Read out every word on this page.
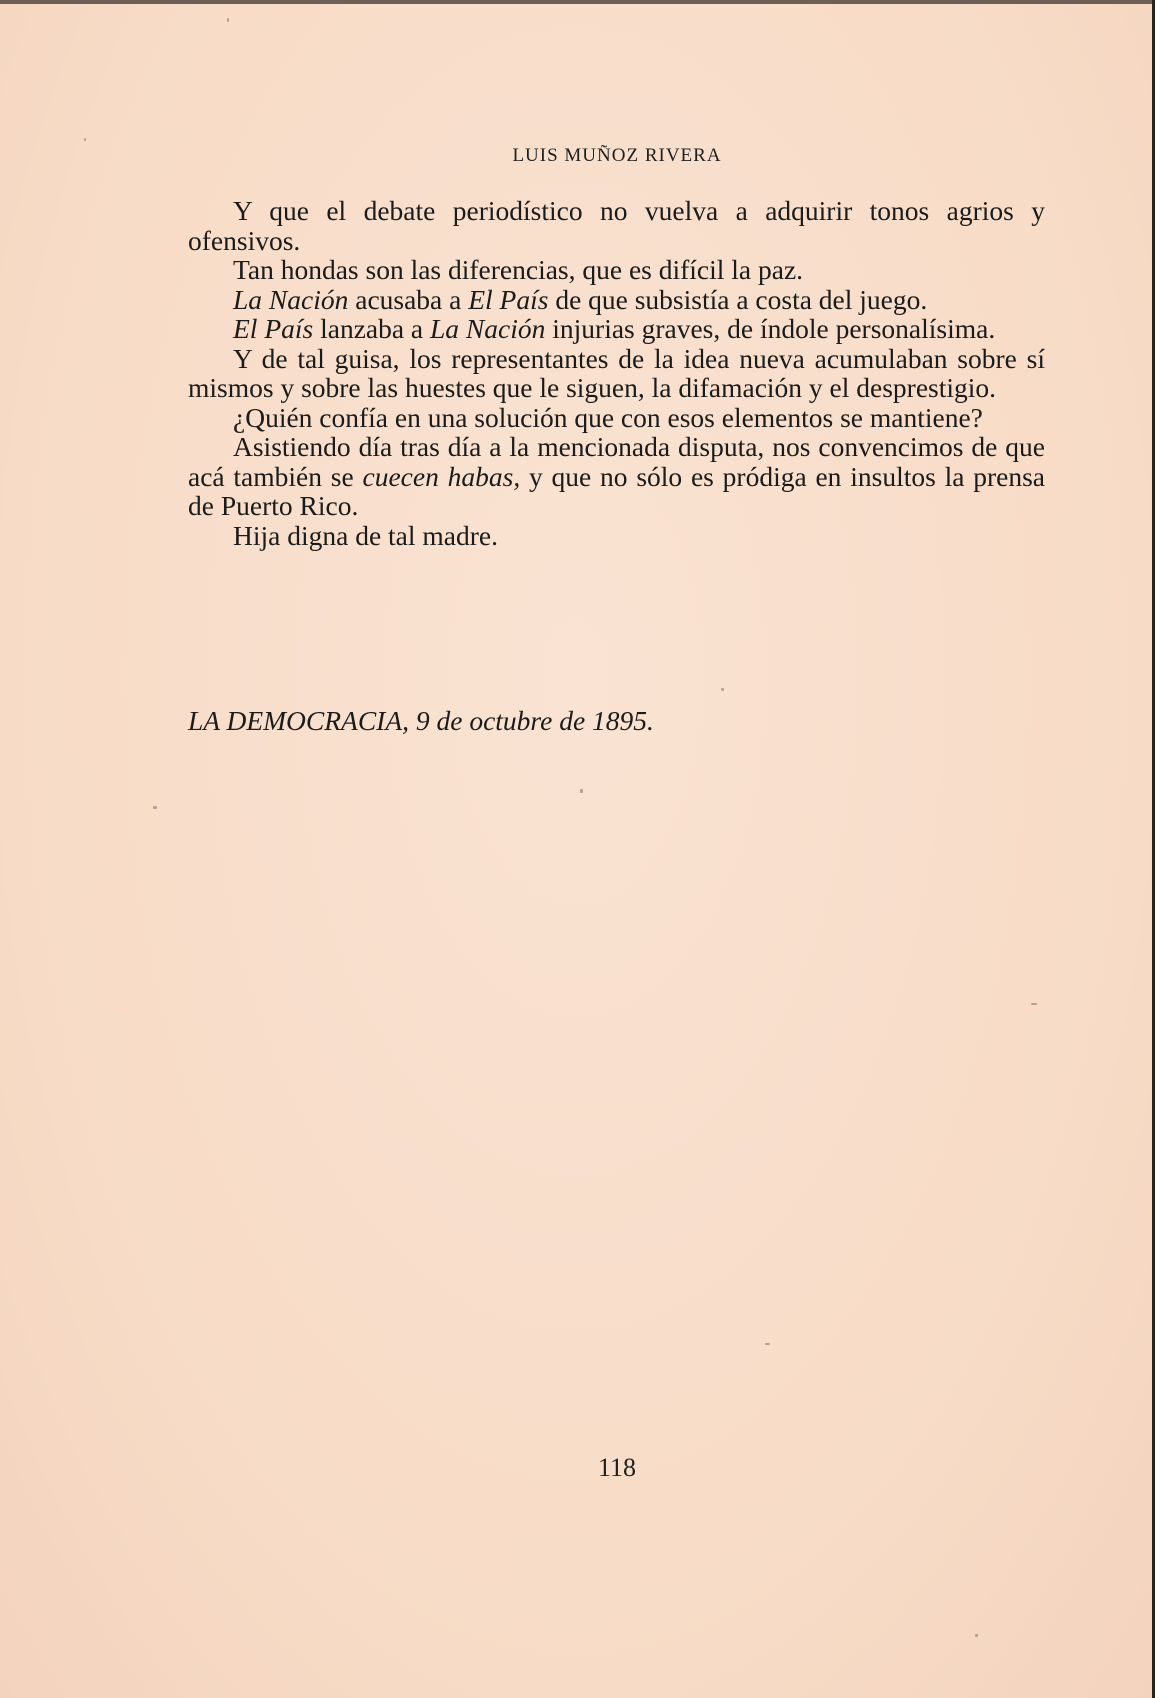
LUIS MUÑOZ RIVERA

Y que el debate periodístico no vuelva a adquirir tonos agrios y ofensivos.

Tan hondas son las diferencias, que es difícil la paz.

La Nación acusaba a El País de que subsistía a costa del juego.

El País lanzaba a La Nación injurias graves, de índole personalísima.

Y de tal guisa, los representantes de la idea nueva acumulaban sobre sí mismos y sobre las huestes que le siguen, la difamación y el desprestigio.

¿Quién confía en una solución que con esos elementos se mantiene?

Asistiendo día tras día a la mencionada disputa, nos convencimos de que acá también se cuecen habas, y que no sólo es pródiga en insultos la prensa de Puerto Rico.

Hija digna de tal madre.

LA DEMOCRACIA, 9 de octubre de 1895.
118
